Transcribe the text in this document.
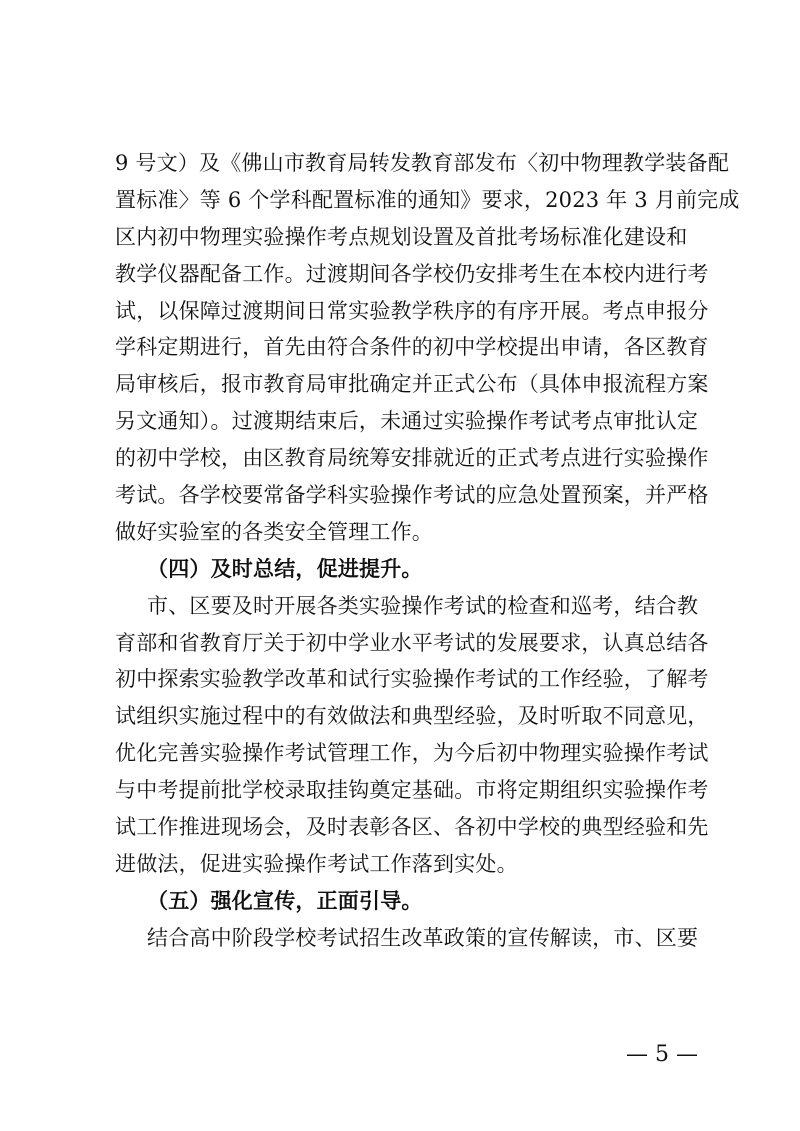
9 号文）及《佛山市教育局转发教育部发布〈初中物理教学装备配
置标准〉等 6 个学科配置标准的通知》要求，2023 年 3 月前完成
区内初中物理实验操作考点规划设置及首批考场标准化建设和
教学仪器配备工作。过渡期间各学校仍安排考生在本校内进行考
试，以保障过渡期间日常实验教学秩序的有序开展。考点申报分
学科定期进行，首先由符合条件的初中学校提出申请，各区教育
局审核后，报市教育局审批确定并正式公布（具体申报流程方案
另文通知）。过渡期结束后，未通过实验操作考试考点审批认定
的初中学校，由区教育局统筹安排就近的正式考点进行实验操作
考试。各学校要常备学科实验操作考试的应急处置预案，并严格
做好实验室的各类安全管理工作。
（四）及时总结，促进提升。
市、区要及时开展各类实验操作考试的检查和巡考，结合教
育部和省教育厅关于初中学业水平考试的发展要求，认真总结各
初中探索实验教学改革和试行实验操作考试的工作经验，了解考
试组织实施过程中的有效做法和典型经验，及时听取不同意见，
优化完善实验操作考试管理工作，为今后初中物理实验操作考试
与中考提前批学校录取挂钩奠定基础。市将定期组织实验操作考
试工作推进现场会，及时表彰各区、各初中学校的典型经验和先
进做法，促进实验操作考试工作落到实处。
（五）强化宣传，正面引导。
结合高中阶段学校考试招生改革政策的宣传解读，市、区要
— 5 —
